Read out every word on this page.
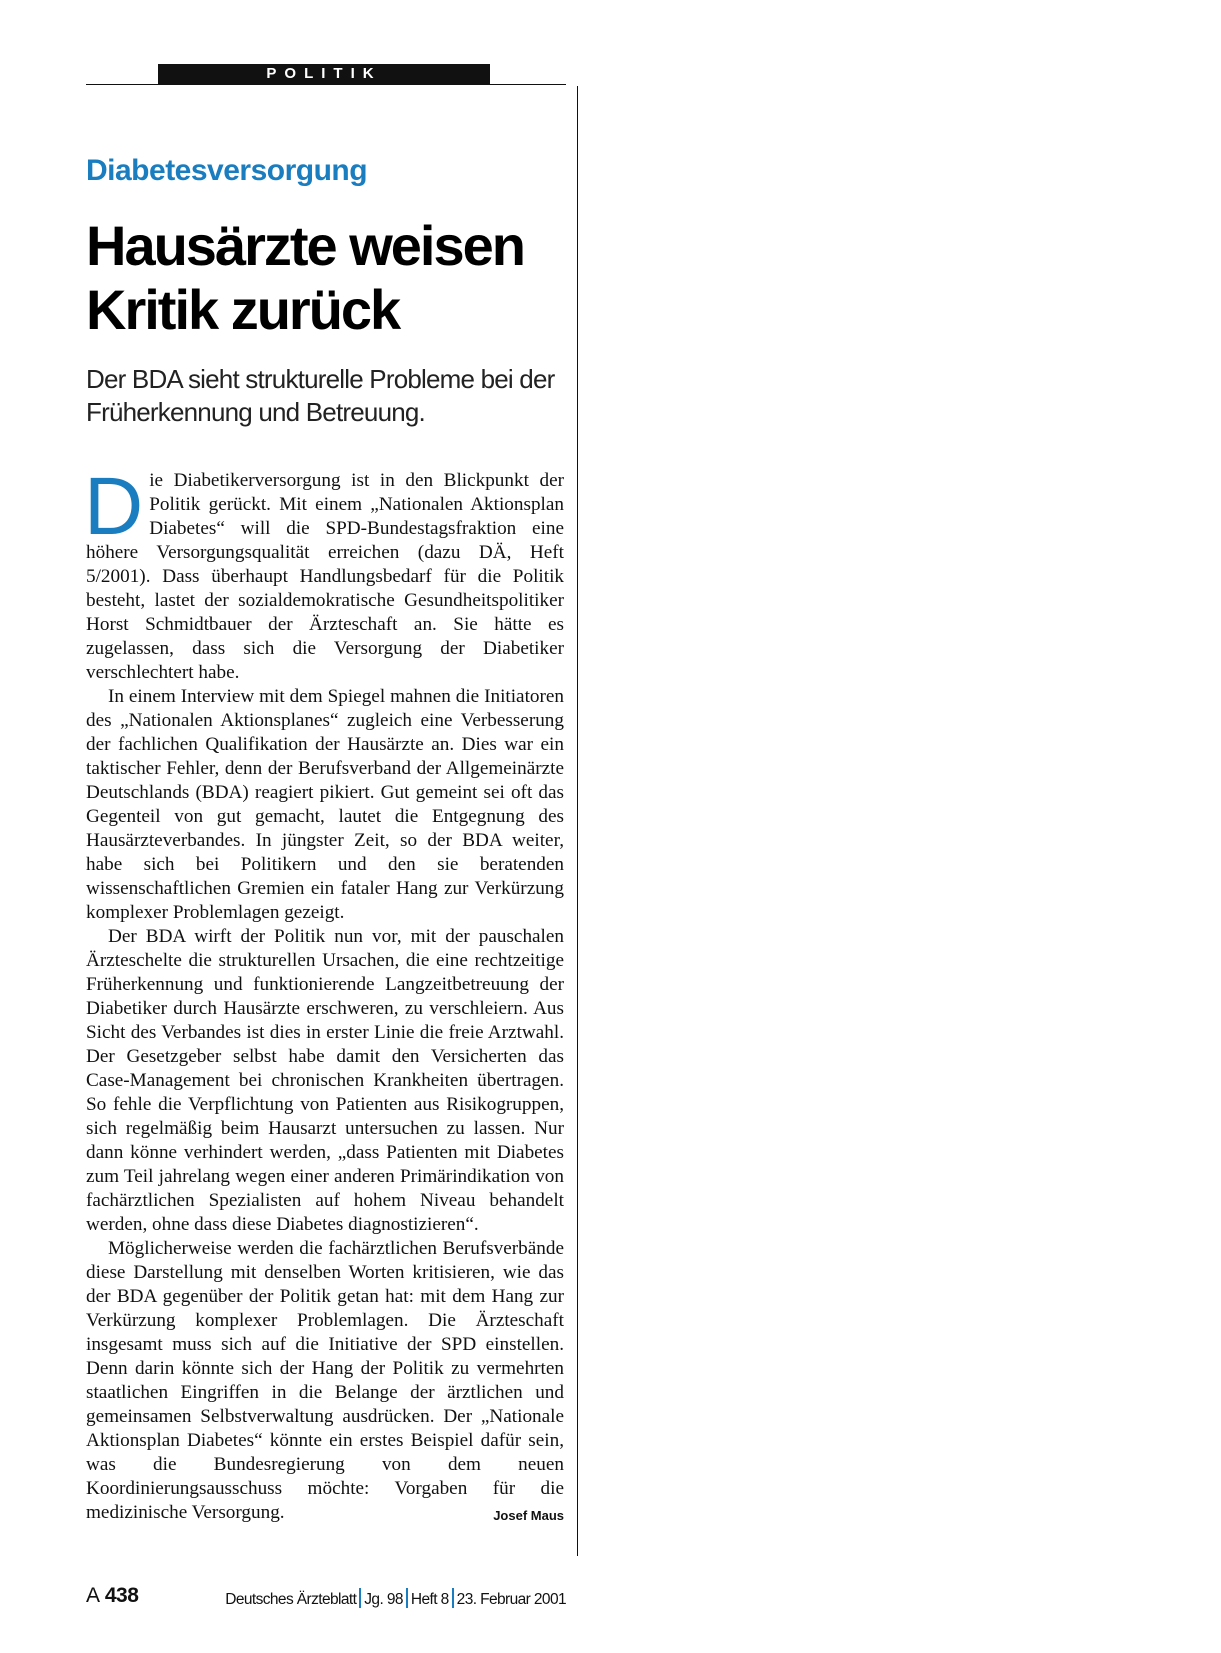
POLITIK
Diabetesversorgung
Hausärzte weisen Kritik zurück

Der BDA sieht strukturelle Probleme bei der Früherkennung und Betreuung.

Die Diabetikerversorgung ist in den Blickpunkt der Politik gerückt. Mit einem „Nationalen Aktionsplan Diabetes“ will die SPD-Bundestagsfraktion eine höhere Versorgungsqualität erreichen (dazu DÄ, Heft 5/2001). Dass überhaupt Handlungsbedarf für die Politik besteht, lastet der sozialdemokratische Gesundheitspolitiker Horst Schmidtbauer der Ärzteschaft an. Sie hätte es zugelassen, dass sich die Versorgung der Diabetiker verschlechtert habe.

In einem Interview mit dem Spiegel mahnen die Initiatoren des „Nationalen Aktionsplanes“ zugleich eine Verbesserung der fachlichen Qualifikation der Hausärzte an. Dies war ein taktischer Fehler, denn der Berufsverband der Allgemeinärzte Deutschlands (BDA) reagiert pikiert. Gut gemeint sei oft das Gegenteil von gut gemacht, lautet die Entgegnung des Hausärzteverbandes. In jüngster Zeit, so der BDA weiter, habe sich bei Politikern und den sie beratenden wissenschaftlichen Gremien ein fataler Hang zur Verkürzung komplexer Problemlagen gezeigt.

Der BDA wirft der Politik nun vor, mit der pauschalen Ärzteschelte die strukturellen Ursachen, die eine rechtzeitige Früherkennung und funktionierende Langzeitbetreuung der Diabetiker durch Hausärzte erschweren, zu verschleiern. Aus Sicht des Verbandes ist dies in erster Linie die freie Arztwahl. Der Gesetzgeber selbst habe damit den Versicherten das Case-Management bei chronischen Krankheiten übertragen. So fehle die Verpflichtung von Patienten aus Risikogruppen, sich regelmäßig beim Hausarzt untersuchen zu lassen. Nur dann könne verhindert werden, „dass Patienten mit Diabetes zum Teil jahrelang wegen einer anderen Primärindikation von fachärztlichen Spezialisten auf hohem Niveau behandelt werden, ohne dass diese Diabetes diagnostizieren“.

Möglicherweise werden die fachärztlichen Berufsverbände diese Darstellung mit denselben Worten kritisieren, wie das der BDA gegenüber der Politik getan hat: mit dem Hang zur Verkürzung komplexer Problemlagen. Die Ärzteschaft insgesamt muss sich auf die Initiative der SPD einstellen. Denn darin könnte sich der Hang der Politik zu vermehrten staatlichen Eingriffen in die Belange der ärztlichen und gemeinsamen Selbstverwaltung ausdrücken. Der „Nationale Aktionsplan Diabetes“ könnte ein erstes Beispiel dafür sein, was die Bundesregierung von dem neuen Koordinierungsausschuss möchte: Vorgaben für die medizinische Versorgung.	Josef Maus

A 438	Deutsches Ärzteblatt Jg. 98 Heft 8 23. Februar 2001
